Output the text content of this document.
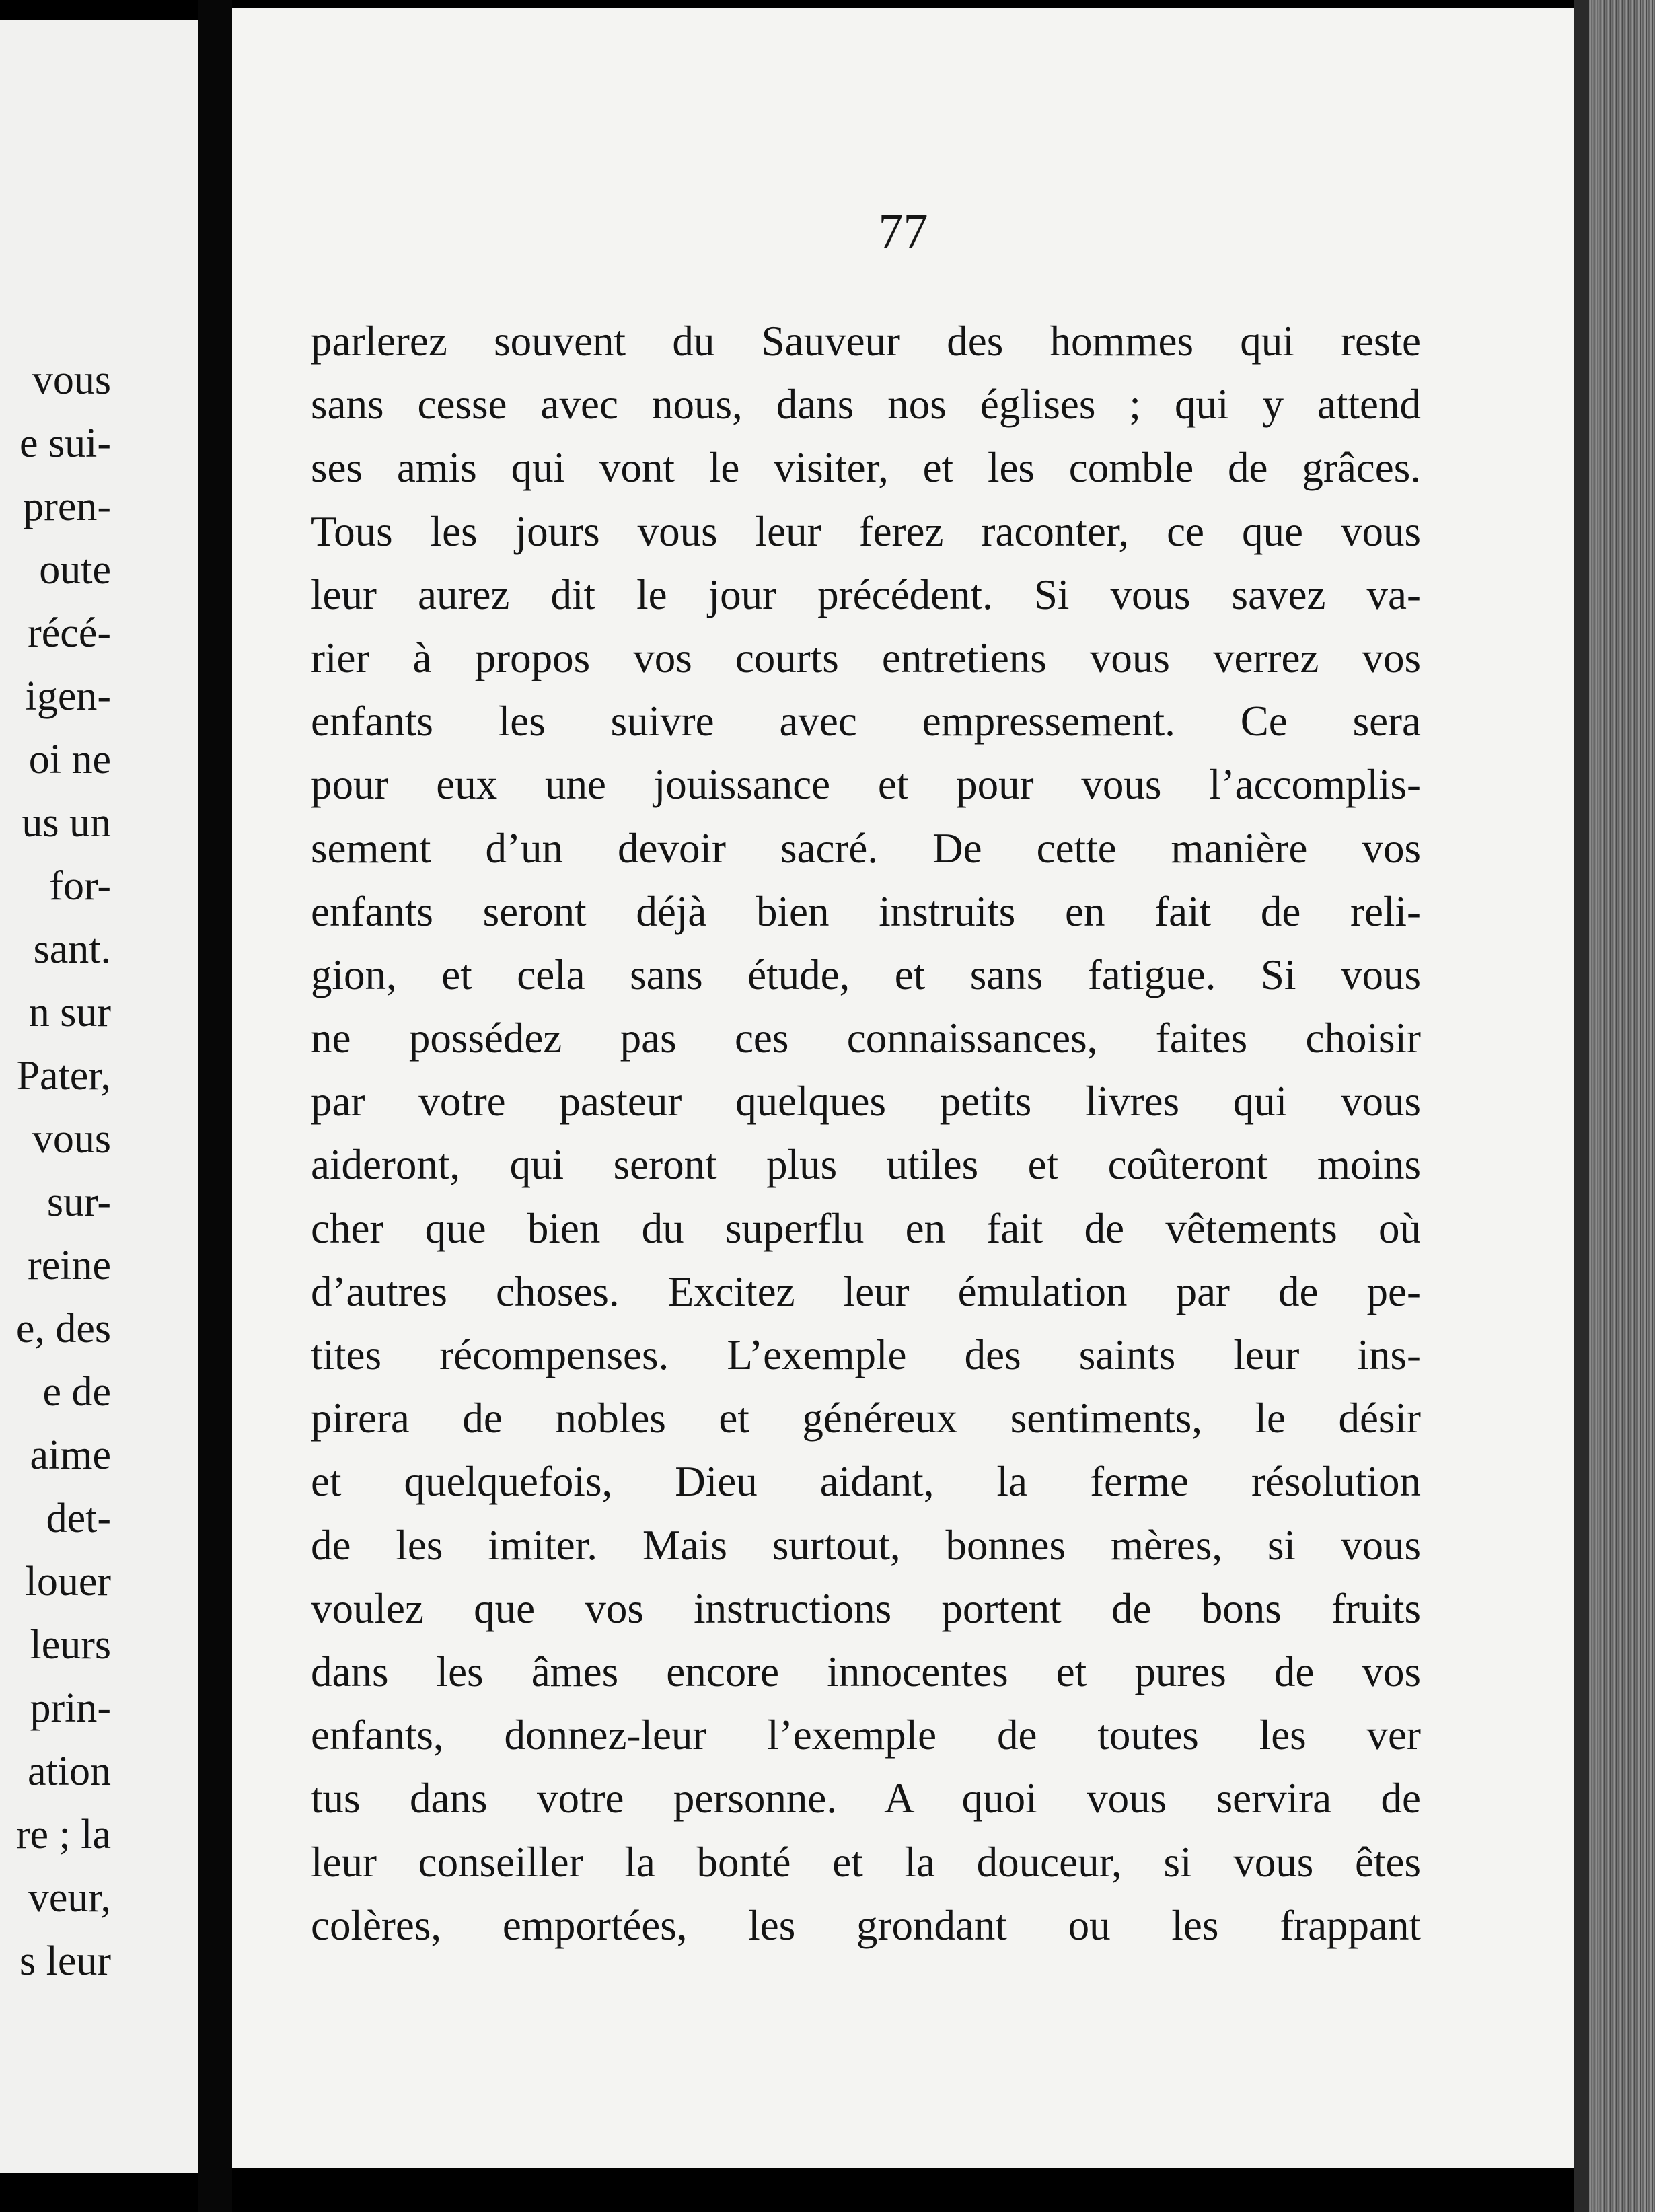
vous
e sui-
pren-
oute
récé-
igen-
oi ne
us un
for-
sant.
n sur
Pater,
vous
sur-
reine
e, des
e de
aime
det-
louer
leurs
prin-
ation
re ; la
veur,
s leur
77
parlerez souvent du Sauveur des hommes qui reste
sans cesse avec nous, dans nos églises ; qui y attend
ses amis qui vont le visiter, et les comble de grâces.
Tous les jours vous leur ferez raconter, ce que vous
leur aurez dit le jour précédent. Si vous savez va-
rier à propos vos courts entretiens vous verrez vos
enfants les suivre avec empressement. Ce sera
pour eux une jouissance et pour vous l’accomplis-
sement d’un devoir sacré. De cette manière vos
enfants seront déjà bien instruits en fait de reli-
gion, et cela sans étude, et sans fatigue. Si vous
ne possédez pas ces connaissances, faites choisir
par votre pasteur quelques petits livres qui vous
aideront, qui seront plus utiles et coûteront moins
cher que bien du superflu en fait de vêtements où
d’autres choses. Excitez leur émulation par de pe-
tites récompenses. L’exemple des saints leur ins-
pirera de nobles et généreux sentiments, le désir
et quelquefois, Dieu aidant, la ferme résolution
de les imiter. Mais surtout, bonnes mères, si vous
voulez que vos instructions portent de bons fruits
dans les âmes encore innocentes et pures de vos
enfants, donnez-leur l’exemple de toutes les ver
tus dans votre personne. A quoi vous servira de
leur conseiller la bonté et la douceur, si vous êtes
colères, emportées, les grondant ou les frappant
